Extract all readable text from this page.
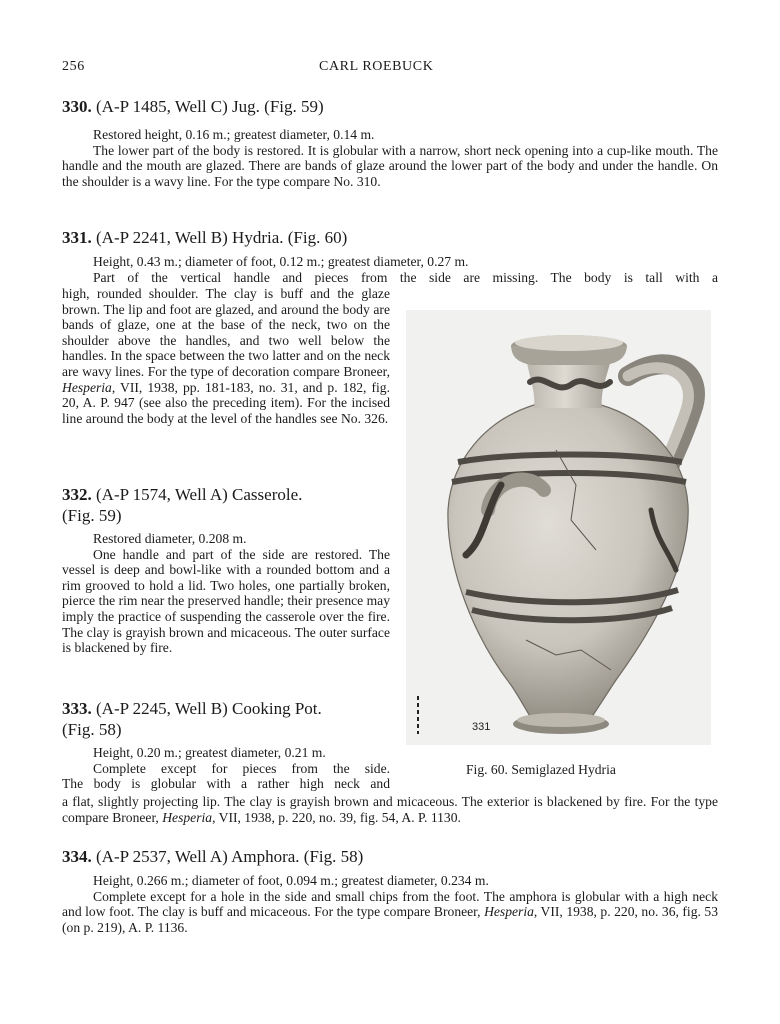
256	CARL ROEBUCK
330. (A-P 1485, Well C) Jug. (Fig. 59)

Restored height, 0.16 m.; greatest diameter, 0.14 m.

The lower part of the body is restored. It is globular with a narrow, short neck opening into a cup-like mouth. The handle and the mouth are glazed. There are bands of glaze around the lower part of the body and under the handle. On the shoulder is a wavy line. For the type compare No. 310.

331. (A-P 2241, Well B) Hydria. (Fig. 60)

Height, 0.43 m.; diameter of foot, 0.12 m.; greatest diameter, 0.27 m.

Part of the vertical handle and pieces from the side are missing. The body is tall with a

high, rounded shoulder. The clay is buff and the glaze brown. The lip and foot are glazed, and around the body are bands of glaze, one at the base of the neck, two on the shoulder above the handles, and two well below the handles. In the space between the two latter and on the neck are wavy lines. For the type of decoration compare Broneer, Hesperia, VII, 1938, pp. 181-183, no. 31, and p. 182, fig. 20, A. P. 947 (see also the preceding item). For the incised line around the body at the level of the handles see No. 326.

332. (A-P 1574, Well A) Casserole.
(Fig. 59)

Restored diameter, 0.208 m.

One handle and part of the side are restored. The vessel is deep and bowl-like with a rounded bottom and a rim grooved to hold a lid. Two holes, one partially broken, pierce the rim near the preserved handle; their presence may imply the practice of suspending the casserole over the fire. The clay is grayish brown and micaceous. The outer surface is blackened by fire.

333. (A-P 2245, Well B) Cooking Pot.
(Fig. 58)

Height, 0.20 m.; greatest diameter, 0.21 m.

Complete except for pieces from the side.

The body is globular with a rather high neck and

a flat, slightly projecting lip. The clay is grayish brown and micaceous. The exterior is blackened by fire. For the type compare Broneer, Hesperia, VII, 1938, p. 220, no. 39, fig. 54, A. P. 1130.

334. (A-P 2537, Well A) Amphora. (Fig. 58)

Height, 0.266 m.; diameter of foot, 0.094 m.; greatest diameter, 0.234 m.

Complete except for a hole in the side and small chips from the foot. The amphora is globular with a high neck and low foot. The clay is buff and micaceous. For the type compare Broneer, Hesperia, VII, 1938, p. 220, no. 36, fig. 53 (on p. 219), A. P. 1136.

331
Fig. 60. Semiglazed Hydria
